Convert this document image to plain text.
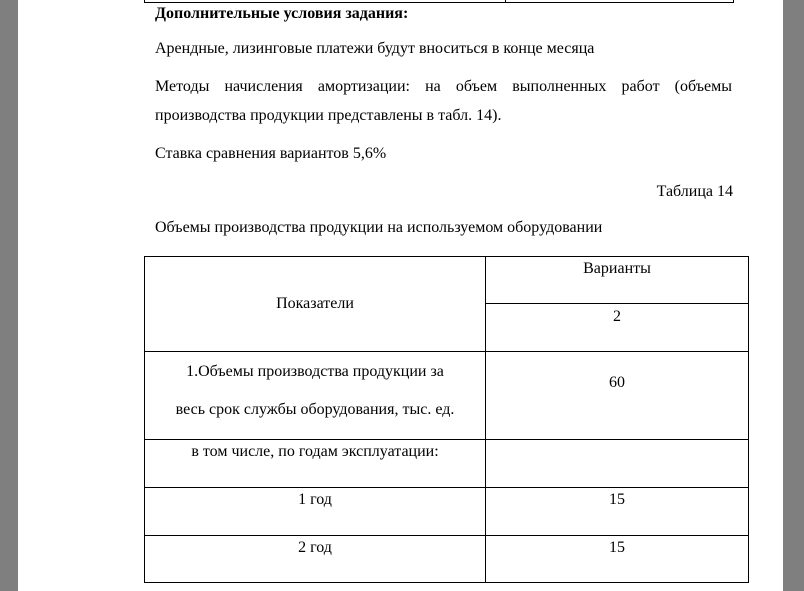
Дополнительные условия задания:
Арендные, лизинговые платежи будут вноситься в конце месяца
Методы начисления амортизации: на объем выполненных работ (объемы
производства продукции представлены в табл. 14).
Ставка сравнения вариантов 5,6%
Таблица 14
Объемы производства продукции на используемом оборудовании
Показатели	Варианты
	2

1.Объемы производства продукции за
весь срок службы оборудования, тыс. ед.	60
в том числе, по годам эксплуатации:	
1 год	15
2 год	15
